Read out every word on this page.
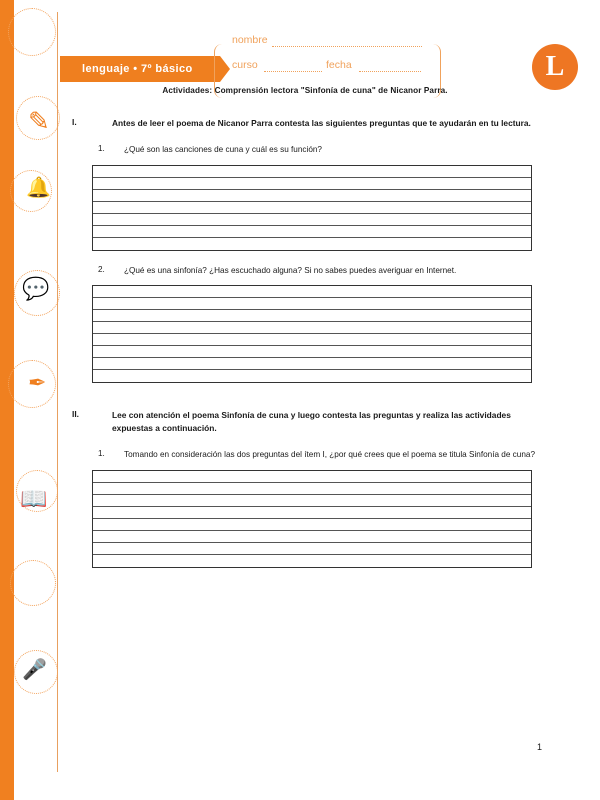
✎
🔔
💬
✒
📖
🎤
lenguaje • 7º básico
nombre
curso	fecha	L

Actividades: Comprensión lectora "Sinfonía de cuna" de Nicanor Parra.

I.	Antes de leer el poema de Nicanor Parra contesta las siguientes preguntas que te ayudarán en tu lectura.
1.	¿Qué son las canciones de cuna y cuál es su función?
2.	¿Qué es una sinfonía? ¿Has escuchado alguna? Si no sabes puedes averiguar en Internet.
II.	Lee con atención el poema Sinfonía de cuna y luego contesta las preguntas y realiza las actividades expuestas a continuación.
1.	Tomando en consideración las dos preguntas del ítem I, ¿por qué crees que el poema se titula Sinfonía de cuna?
1
